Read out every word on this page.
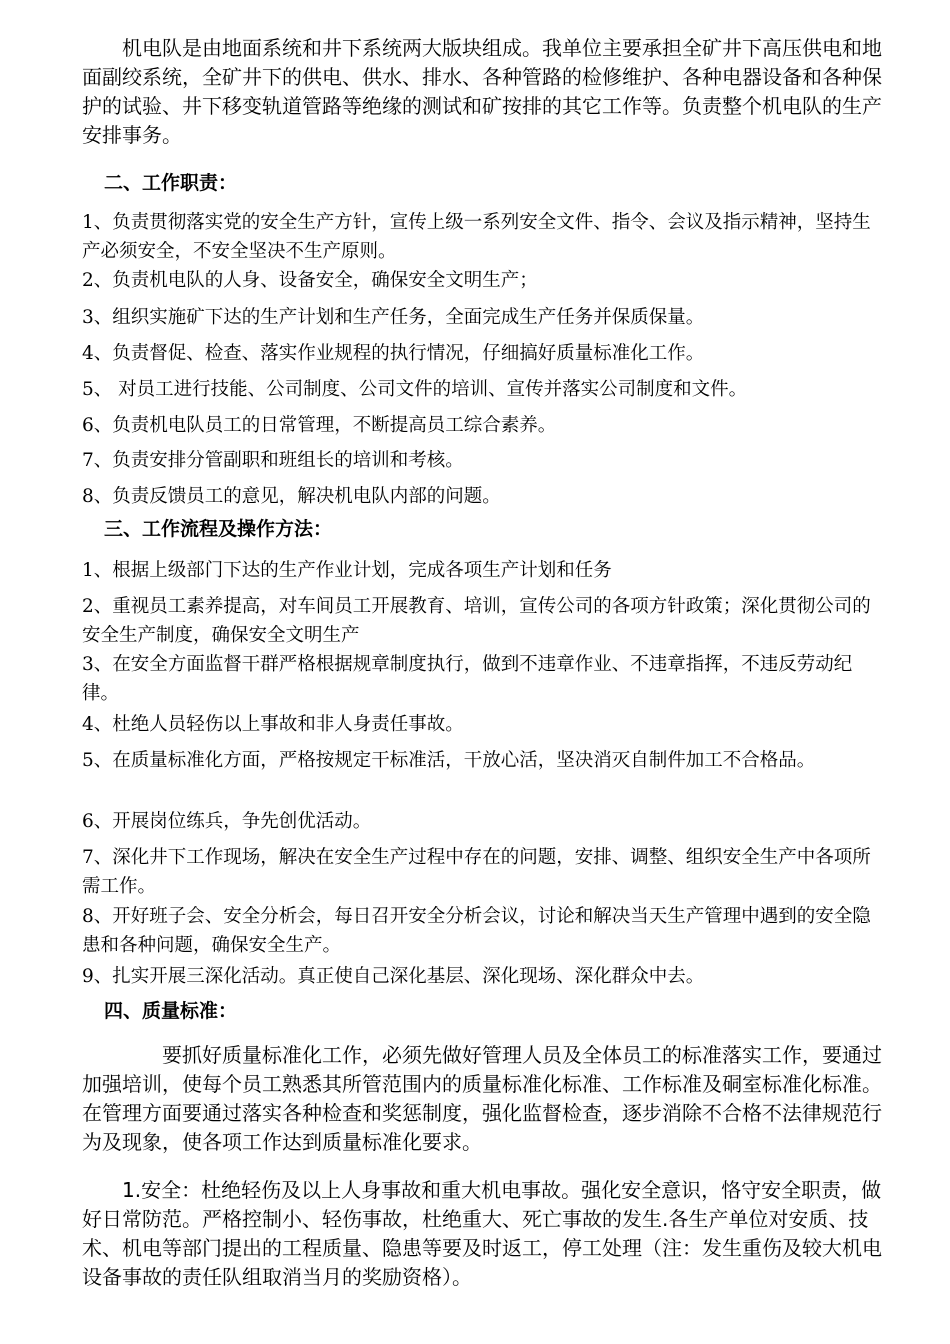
机电队是由地面系统和井下系统两大版块组成。我单位主要承担全矿井下高压供电和地面副绞系统，全矿井下的供电、供水、排水、各种管路的检修维护、各种电器设备和各种保护的试验、井下移变轨道管路等绝缘的测试和矿按排的其它工作等。负责整个机电队的生产安排事务。
二、工作职责：
1、负责贯彻落实党的安全生产方针，宣传上级一系列安全文件、指令、会议及指示精神，坚持生产必须安全，不安全坚决不生产原则。
2、负责机电队的人身、设备安全，确保安全文明生产；
3、组织实施矿下达的生产计划和生产任务，全面完成生产任务并保质保量。
4、负责督促、检查、落实作业规程的执行情况，仔细搞好质量标准化工作。
5、 对员工进行技能、公司制度、公司文件的培训、宣传并落实公司制度和文件。
6、负责机电队员工的日常管理，不断提高员工综合素养。
7、负责安排分管副职和班组长的培训和考核。
8、负责反馈员工的意见，解决机电队内部的问题。
三、工作流程及操作方法：
1、根据上级部门下达的生产作业计划，完成各项生产计划和任务
2、重视员工素养提高，对车间员工开展教育、培训，宣传公司的各项方针政策；深化贯彻公司的安全生产制度，确保安全文明生产
3、在安全方面监督干群严格根据规章制度执行，做到不违章作业、不违章指挥，不违反劳动纪律。
4、杜绝人员轻伤以上事故和非人身责任事故。
5、在质量标准化方面，严格按规定干标准活，干放心活，坚决消灭自制件加工不合格品。
6、开展岗位练兵，争先创优活动。
7、深化井下工作现场，解决在安全生产过程中存在的问题，安排、调整、组织安全生产中各项所需工作。
8、开好班子会、安全分析会，每日召开安全分析会议，讨论和解决当天生产管理中遇到的安全隐患和各种问题，确保安全生产。
9、扎实开展三深化活动。真正使自己深化基层、深化现场、深化群众中去。
四、质量标准：
要抓好质量标准化工作，必须先做好管理人员及全体员工的标准落实工作，要通过加强培训，使每个员工熟悉其所管范围内的质量标准化标准、工作标准及硐室标准化标准。在管理方面要通过落实各种检查和奖惩制度，强化监督检查，逐步消除不合格不法律规范行为及现象，使各项工作达到质量标准化要求。
1.安全：杜绝轻伤及以上人身事故和重大机电事故。强化安全意识，恪守安全职责，做好日常防范。严格控制小、轻伤事故，杜绝重大、死亡事故的发生.各生产单位对安质、技术、机电等部门提出的工程质量、隐患等要及时返工，停工处理（注：发生重伤及较大机电设备事故的责任队组取消当月的奖励资格）。
